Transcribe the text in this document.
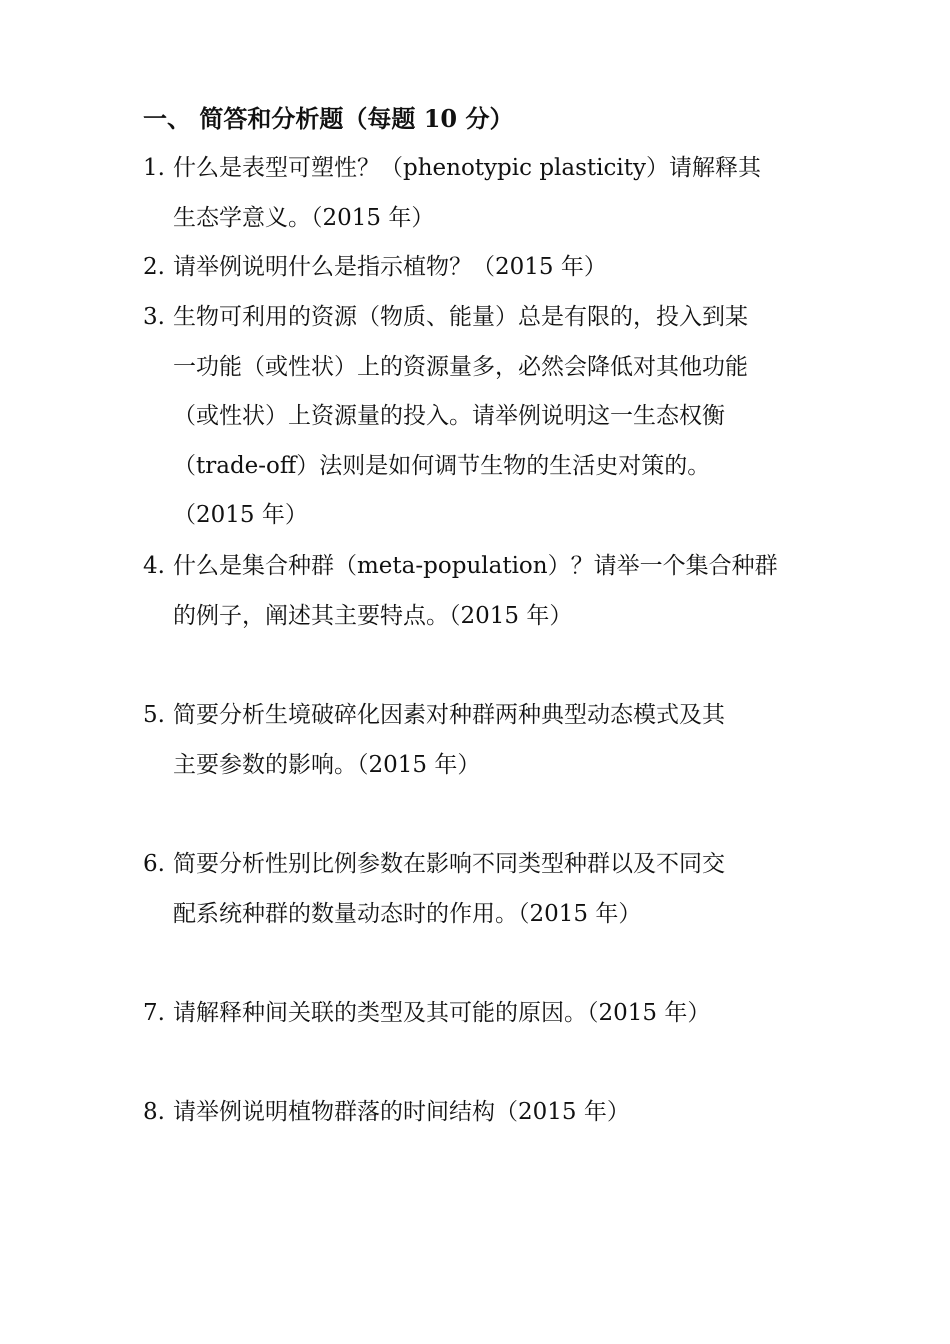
一、 简答和分析题（每题 10 分）
1. 什么是表型可塑性？（phenotypic plasticity）请解释其
生态学意义。（2015 年）
2. 请举例说明什么是指示植物？（2015 年）
3. 生物可利用的资源（物质、能量）总是有限的，投入到某
一功能（或性状）上的资源量多，必然会降低对其他功能
（或性状）上资源量的投入。请举例说明这一生态权衡
（trade-off）法则是如何调节生物的生活史对策的。
（2015 年）
4. 什么是集合种群（meta-population）？请举一个集合种群
的例子，阐述其主要特点。（2015 年）
5. 简要分析生境破碎化因素对种群两种典型动态模式及其
主要参数的影响。（2015 年）
6. 简要分析性别比例参数在影响不同类型种群以及不同交
配系统种群的数量动态时的作用。（2015 年）
7. 请解释种间关联的类型及其可能的原因。（2015 年）
8. 请举例说明植物群落的时间结构（2015 年）
